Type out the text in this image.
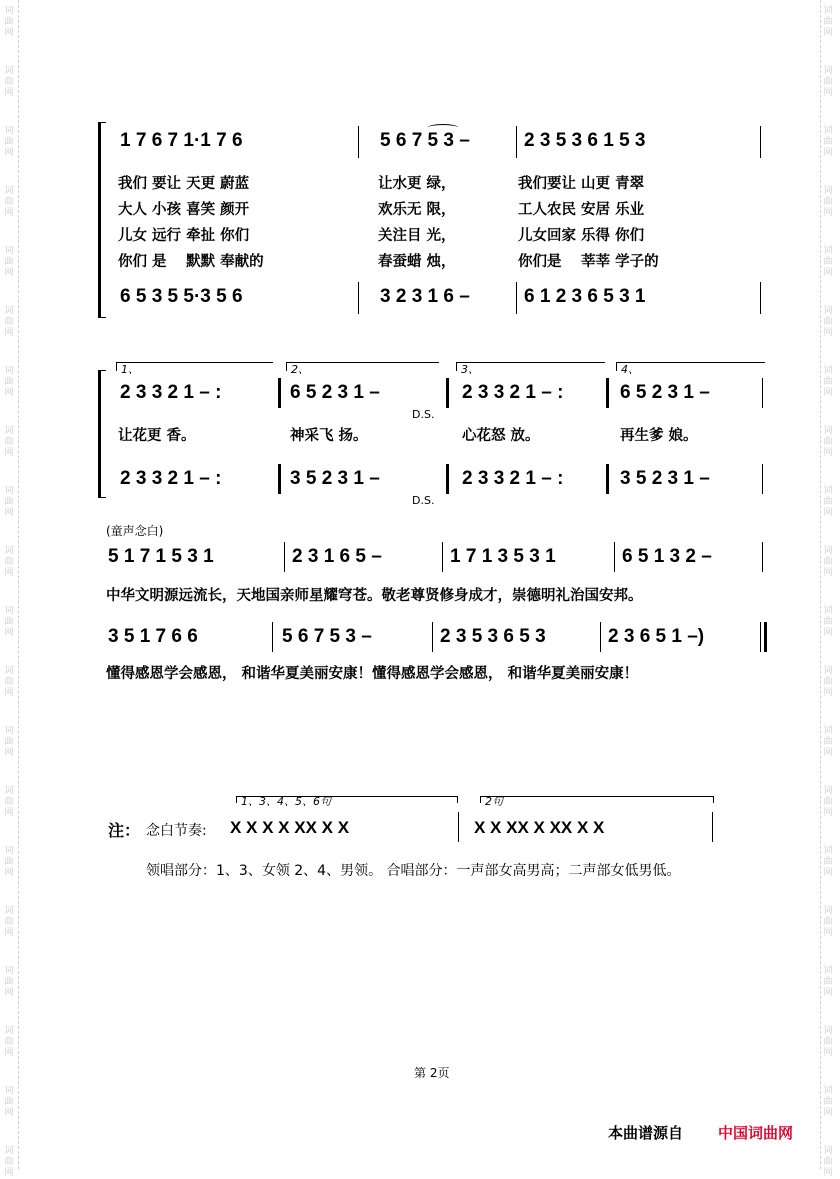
词曲网
词曲网
词曲网
词曲网
词曲网
词曲网
词曲网
词曲网
词曲网
词曲网
词曲网
词曲网
词曲网
词曲网
词曲网
词曲网
词曲网
词曲网
词曲网
词曲网
词曲网
词曲网
词曲网
词曲网
词曲网
词曲网
词曲网
词曲网
词曲网
词曲网
词曲网
词曲网
词曲网
词曲网
词曲网
词曲网
词曲网
词曲网
词曲网
词曲网
1 7 6 7 1·1 7 6	5 6 7 5 3 –	2 3 5 3 6 1 5 3
我们 要让 天更 蔚蓝	让水更 绿，	我们要让 山更 青翠
大人 小孩 喜笑 颜开	欢乐无 限，	工人农民 安居 乐业
儿女 远行 牵扯 你们	关注目 光，	儿女回家 乐得 你们
你们 是 　默默 奉献的	春蚕蜡 烛，	你们是 　莘莘 学子的
6 5 3 5 5·3 5 6	3 2 3 1 6 –	6 1 2 3 6 5 3 1
1、	2、	3、	4、
2 3 3 2 1 – :	6 5 2 3 1 –	2 3 3 2 1 – :	6 5 2 3 1 –
D.S.
让花更 香。	神采飞 扬。	心花怒 放。	再生爹 娘。
2 3 3 2 1 – :	3 5 2 3 1 –	2 3 3 2 1 – :	3 5 2 3 1 –
D.S.
(童声念白)
5 1 7 1 5 3 1	2 3 1 6 5 –	1 7 1 3 5 3 1	6 5 1 3 2 –
中华文明源远流长，天地国亲师星耀穹苍。敬老尊贤修身成才，崇德明礼治国安邦。
3 5 1 7 6 6	5 6 7 5 3 –	2 3 5 3 6 5 3	2 3 6 5 1 –)
懂得感恩学会感恩， 和谐华夏美丽安康！懂得感恩学会感恩， 和谐华夏美丽安康！
1、3、4、5、6句	2句
注： 念白节奏: X X X X XX X X	X X XX X XX X X
领唱部分：1、3、女领 2、4、男领。 合唱部分：一声部女高男高；二声部女低男低。
第 2页
本曲谱源自 中国词曲网
